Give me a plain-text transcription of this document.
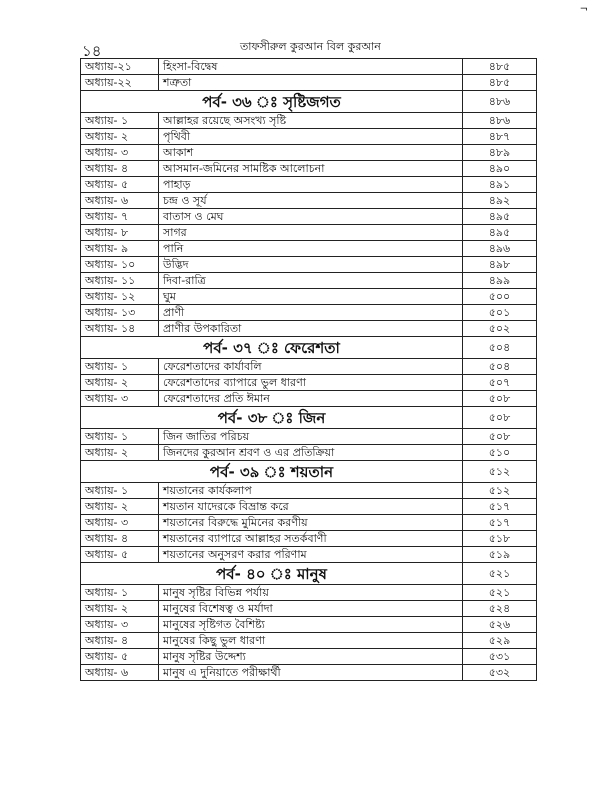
¬
১৪	তাফসীরুল কুরআন বিল কুরআন
অধ্যায়-২১	হিংসা-বিদ্বেষ	৪৮৫
অধ্যায়-২২	শত্রুতা	৪৮৫
পর্ব- ৩৬ ঃ সৃষ্টিজগত		৪৮৬
অধ্যায়- ১	আল্লাহর রয়েছে অসংখ্য সৃষ্টি	৪৮৬
অধ্যায়- ২	পৃথিবী	৪৮৭
অধ্যায়- ৩	আকাশ	৪৮৯
অধ্যায়- ৪	আসমান-জমিনের সামষ্টিক আলোচনা	৪৯০
অধ্যায়- ৫	পাহাড়	৪৯১
অধ্যায়- ৬	চন্দ্র ও সূর্য	৪৯২
অধ্যায়- ৭	বাতাস ও মেঘ	৪৯৫
অধ্যায়- ৮	সাগর	৪৯৫
অধ্যায়- ৯	পানি	৪৯৬
অধ্যায়- ১০	উদ্ভিদ	৪৯৮
অধ্যায়- ১১	দিবা-রাত্রি	৪৯৯
অধ্যায়- ১২	ঘুম	৫০০
অধ্যায়- ১৩	প্রাণী	৫০১
অধ্যায়- ১৪	প্রাণীর উপকারিতা	৫০২
পর্ব- ৩৭ ঃ ফেরেশতা		৫০৪
অধ্যায়- ১	ফেরেশতাদের কার্যাবলি	৫০৪
অধ্যায়- ২	ফেরেশতাদের ব্যাপারে ভুল ধারণা	৫০৭
অধ্যায়- ৩	ফেরেশতাদের প্রতি ঈমান	৫০৮
পর্ব- ৩৮ ঃ জিন		৫০৮
অধ্যায়- ১	জিন জাতির পরিচয়	৫০৮
অধ্যায়- ২	জিনদের কুরআন শ্রবণ ও এর প্রতিক্রিয়া	৫১০
পর্ব- ৩৯ ঃ শয়তান		৫১২
অধ্যায়- ১	শয়তানের কার্যকলাপ	৫১২
অধ্যায়- ২	শয়তান যাদেরকে বিভ্রান্ত করে	৫১৭
অধ্যায়- ৩	শয়তানের বিরুদ্ধে মুমিনের করণীয়	৫১৭
অধ্যায়- ৪	শয়তানের ব্যাপারে আল্লাহর সতর্কবাণী	৫১৮
অধ্যায়- ৫	শয়তানের অনুসরণ করার পরিণাম	৫১৯
পর্ব- ৪০ ঃ মানুষ		৫২১
অধ্যায়- ১	মানুষ সৃষ্টির বিভিন্ন পর্যায়	৫২১
অধ্যায়- ২	মানুষের বিশেষত্ব ও মর্যাদা	৫২৪
অধ্যায়- ৩	মানুষের সৃষ্টিগত বৈশিষ্ট্য	৫২৬
অধ্যায়- ৪	মানুষের কিছু ভুল ধারণা	৫২৯
অধ্যায়- ৫	মানুষ সৃষ্টির উদ্দেশ্য	৫৩১
অধ্যায়- ৬	মানুষ এ দুনিয়াতে পরীক্ষার্থী	৫৩২
